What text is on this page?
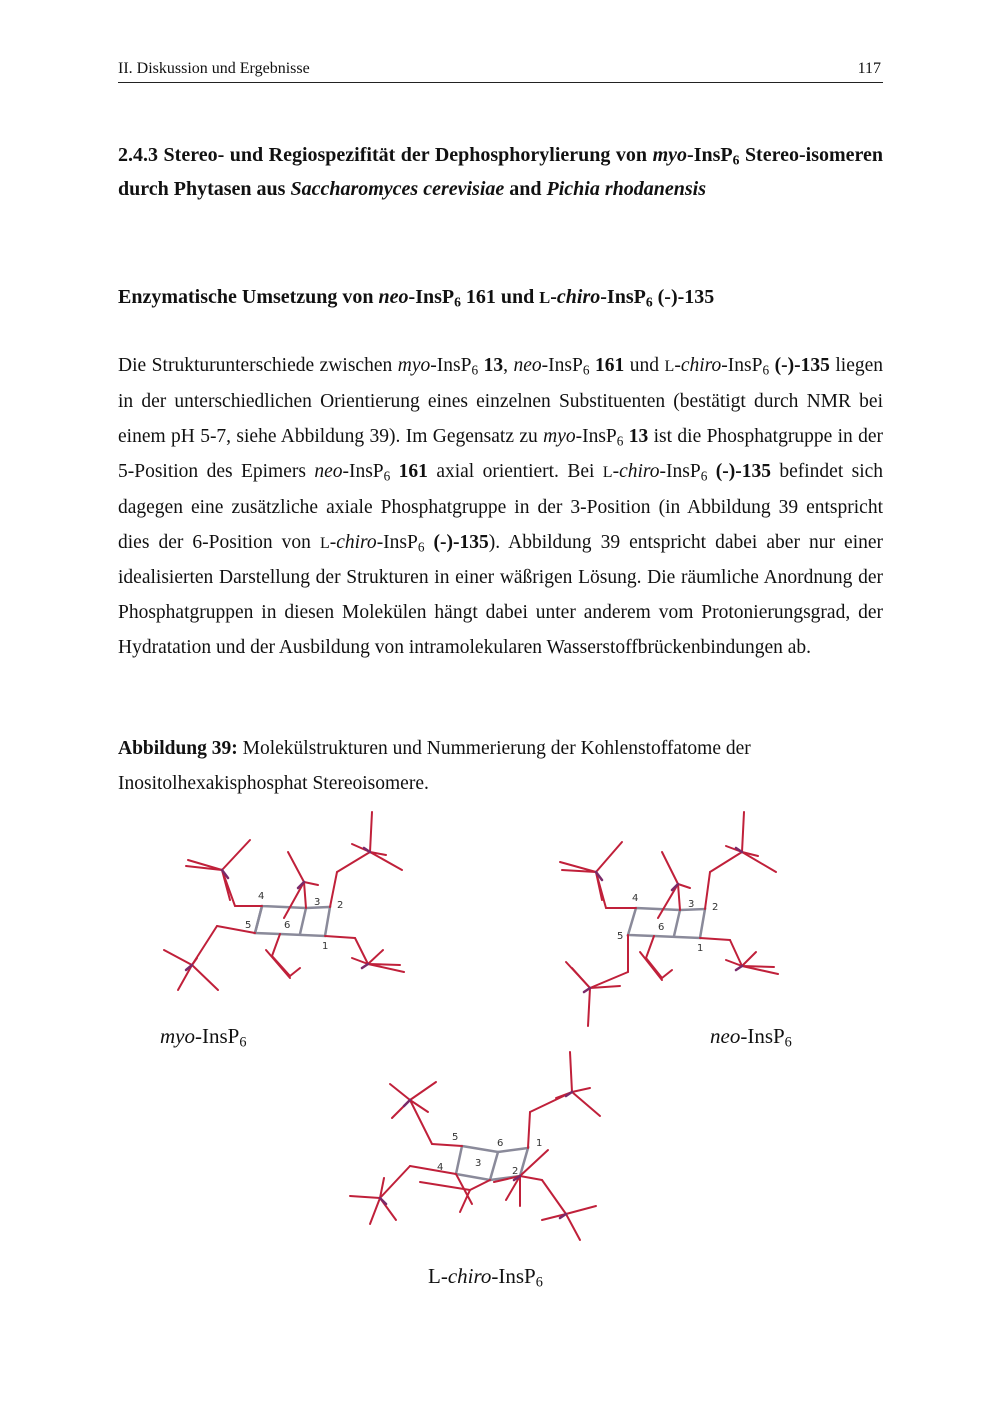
II. Diskussion und Ergebnisse	117
2.4.3 Stereo- und Regiospezifität der Dephosphorylierung von myo-InsP$_6$ Stereo-isomeren durch Phytasen aus Saccharomyces cerevisiae and Pichia rhodanensis
Enzymatische Umsetzung von neo-InsP$_6$ 161 und L-chiro-InsP$_6$ (-)-135
Die Strukturunterschiede zwischen myo-InsP$_6$ 13, neo-InsP$_6$ 161 und L-chiro-InsP$_6$ (-)-135 liegen in der unterschiedlichen Orientierung eines einzelnen Substituenten (bestätigt durch NMR bei einem pH 5-7, siehe Abbildung 39). Im Gegensatz zu myo-InsP$_6$ 13 ist die Phosphatgruppe in der 5-Position des Epimers neo-InsP$_6$ 161 axial orientiert. Bei L-chiro-InsP$_6$ (-)-135 befindet sich dagegen eine zusätzliche axiale Phosphatgruppe in der 3-Position (in Abbildung 39 entspricht dies der 6-Position von L-chiro-InsP$_6$ (-)-135). Abbildung 39 entspricht dabei aber nur einer idealisierten Darstellung der Strukturen in einer wäßrigen Lösung. Die räumliche Anordnung der Phosphatgruppen in diesen Molekülen hängt dabei unter anderem vom Protonierungsgrad, der Hydratation und der Ausbildung von intramolekularen Wasserstoffbrückenbindungen ab.
Abbildung 39: Molekülstrukturen und Nummerierung der Kohlenstoffatome der Inositolhexakisphosphat Stereoisomere.
4
3 2
5	6
1
4
3 2
5
6
1
5
6	1
4	3
2
myo-InsP$_6$	neo-InsP$_6$
L-chiro-InsP$_6$
